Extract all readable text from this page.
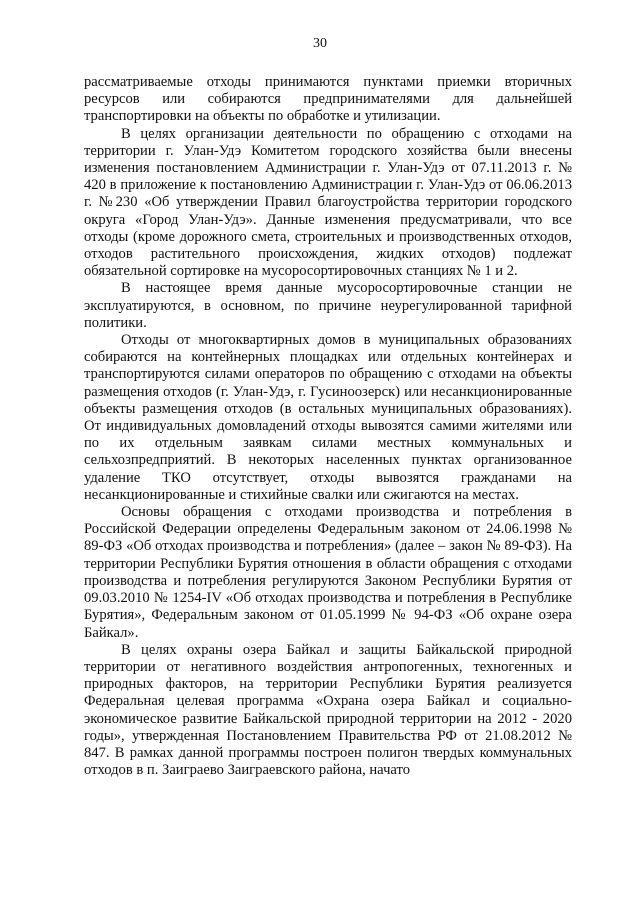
30

рассматриваемые отходы принимаются пунктами приемки вторичных ресурсов или собираются предпринимателями для дальнейшей транспортировки на объекты по обработке и утилизации.

В целях организации деятельности по обращению с отходами на территории г. Улан-Удэ Комитетом городского хозяйства были внесены изменения постановлением Администрации г. Улан-Удэ от 07.11.2013 г. № 420 в приложение к постановлению Администрации г. Улан-Удэ от 06.06.2013 г. №230 «Об утверждении Правил благоустройства территории городского округа «Город Улан-Удэ». Данные изменения предусматривали, что все отходы (кроме дорожного смета, строительных и производственных отходов, отходов растительного происхождения, жидких отходов) подлежат обязательной сортировке на мусоросортировочных станциях № 1 и 2.

В настоящее время данные мусоросортировочные станции не эксплуатируются, в основном, по причине неурегулированной тарифной политики.

Отходы от многоквартирных домов в муниципальных образованиях собираются на контейнерных площадках или отдельных контейнерах и транспортируются силами операторов по обращению с отходами на объекты размещения отходов (г. Улан-Удэ, г. Гусиноозерск) или несанкционированные объекты размещения отходов (в остальных муниципальных образованиях). От индивидуальных домовладений отходы вывозятся самими жителями или по их отдельным заявкам силами местных коммунальных и сельхозпредприятий. В некоторых населенных пунктах организованное удаление ТКО отсутствует, отходы вывозятся гражданами на несанкционированные и стихийные свалки или сжигаются на местах.

Основы обращения с отходами производства и потребления в Российской Федерации определены Федеральным законом от 24.06.1998 № 89-ФЗ «Об отходах производства и потребления» (далее – закон № 89-ФЗ). На территории Республики Бурятия отношения в области обращения с отходами производства и потребления регулируются Законом Республики Бурятия от 09.03.2010 № 1254-IV «Об отходах производства и потребления в Республике Бурятия», Федеральным законом от 01.05.1999 № 94-ФЗ «Об охране озера Байкал».

В целях охраны озера Байкал и защиты Байкальской природной территории от негативного воздействия антропогенных, техногенных и природных факторов, на территории Республики Бурятия реализуется Федеральная целевая программа «Охрана озера Байкал и социально-экономическое развитие Байкальской природной территории на 2012 - 2020 годы», утвержденная Постановлением Правительства РФ от 21.08.2012 № 847. В рамках данной программы построен полигон твердых коммунальных отходов в п. Заиграево Заиграевского района, начато
